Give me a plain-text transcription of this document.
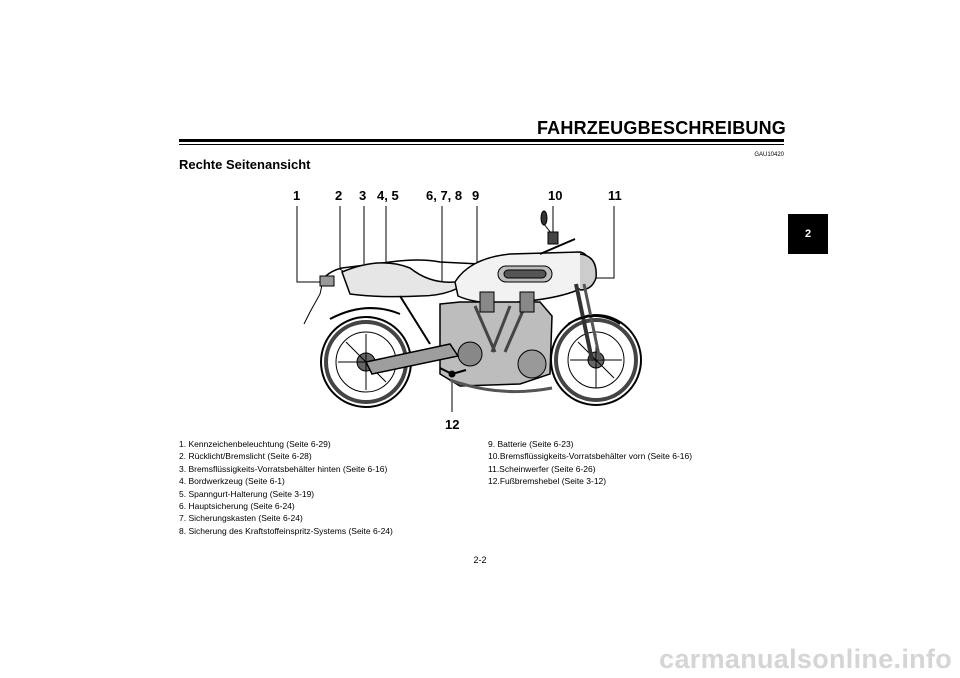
FAHRZEUGBESCHREIBUNG
GAU10420
Rechte Seitenansicht
2
1	2 3 4, 5 6, 7, 8 9	10	11
12
1. Kennzeichenbeleuchtung (Seite 6-29)
2. Rücklicht/Bremslicht (Seite 6-28)
3. Bremsflüssigkeits-Vorratsbehälter hinten (Seite 6-16)
4. Bordwerkzeug (Seite 6-1)
5. Spanngurt-Halterung (Seite 3-19)
6. Hauptsicherung (Seite 6-24)
7. Sicherungskasten (Seite 6-24)
8. Sicherung des Kraftstoffeinspritz-Systems (Seite 6-24)
9. Batterie (Seite 6-23)
10.Bremsflüssigkeits-Vorratsbehälter vorn (Seite 6-16)
11.Scheinwerfer (Seite 6-26)
12.Fußbremshebel (Seite 3-12)
2-2
carmanualsonline.info
